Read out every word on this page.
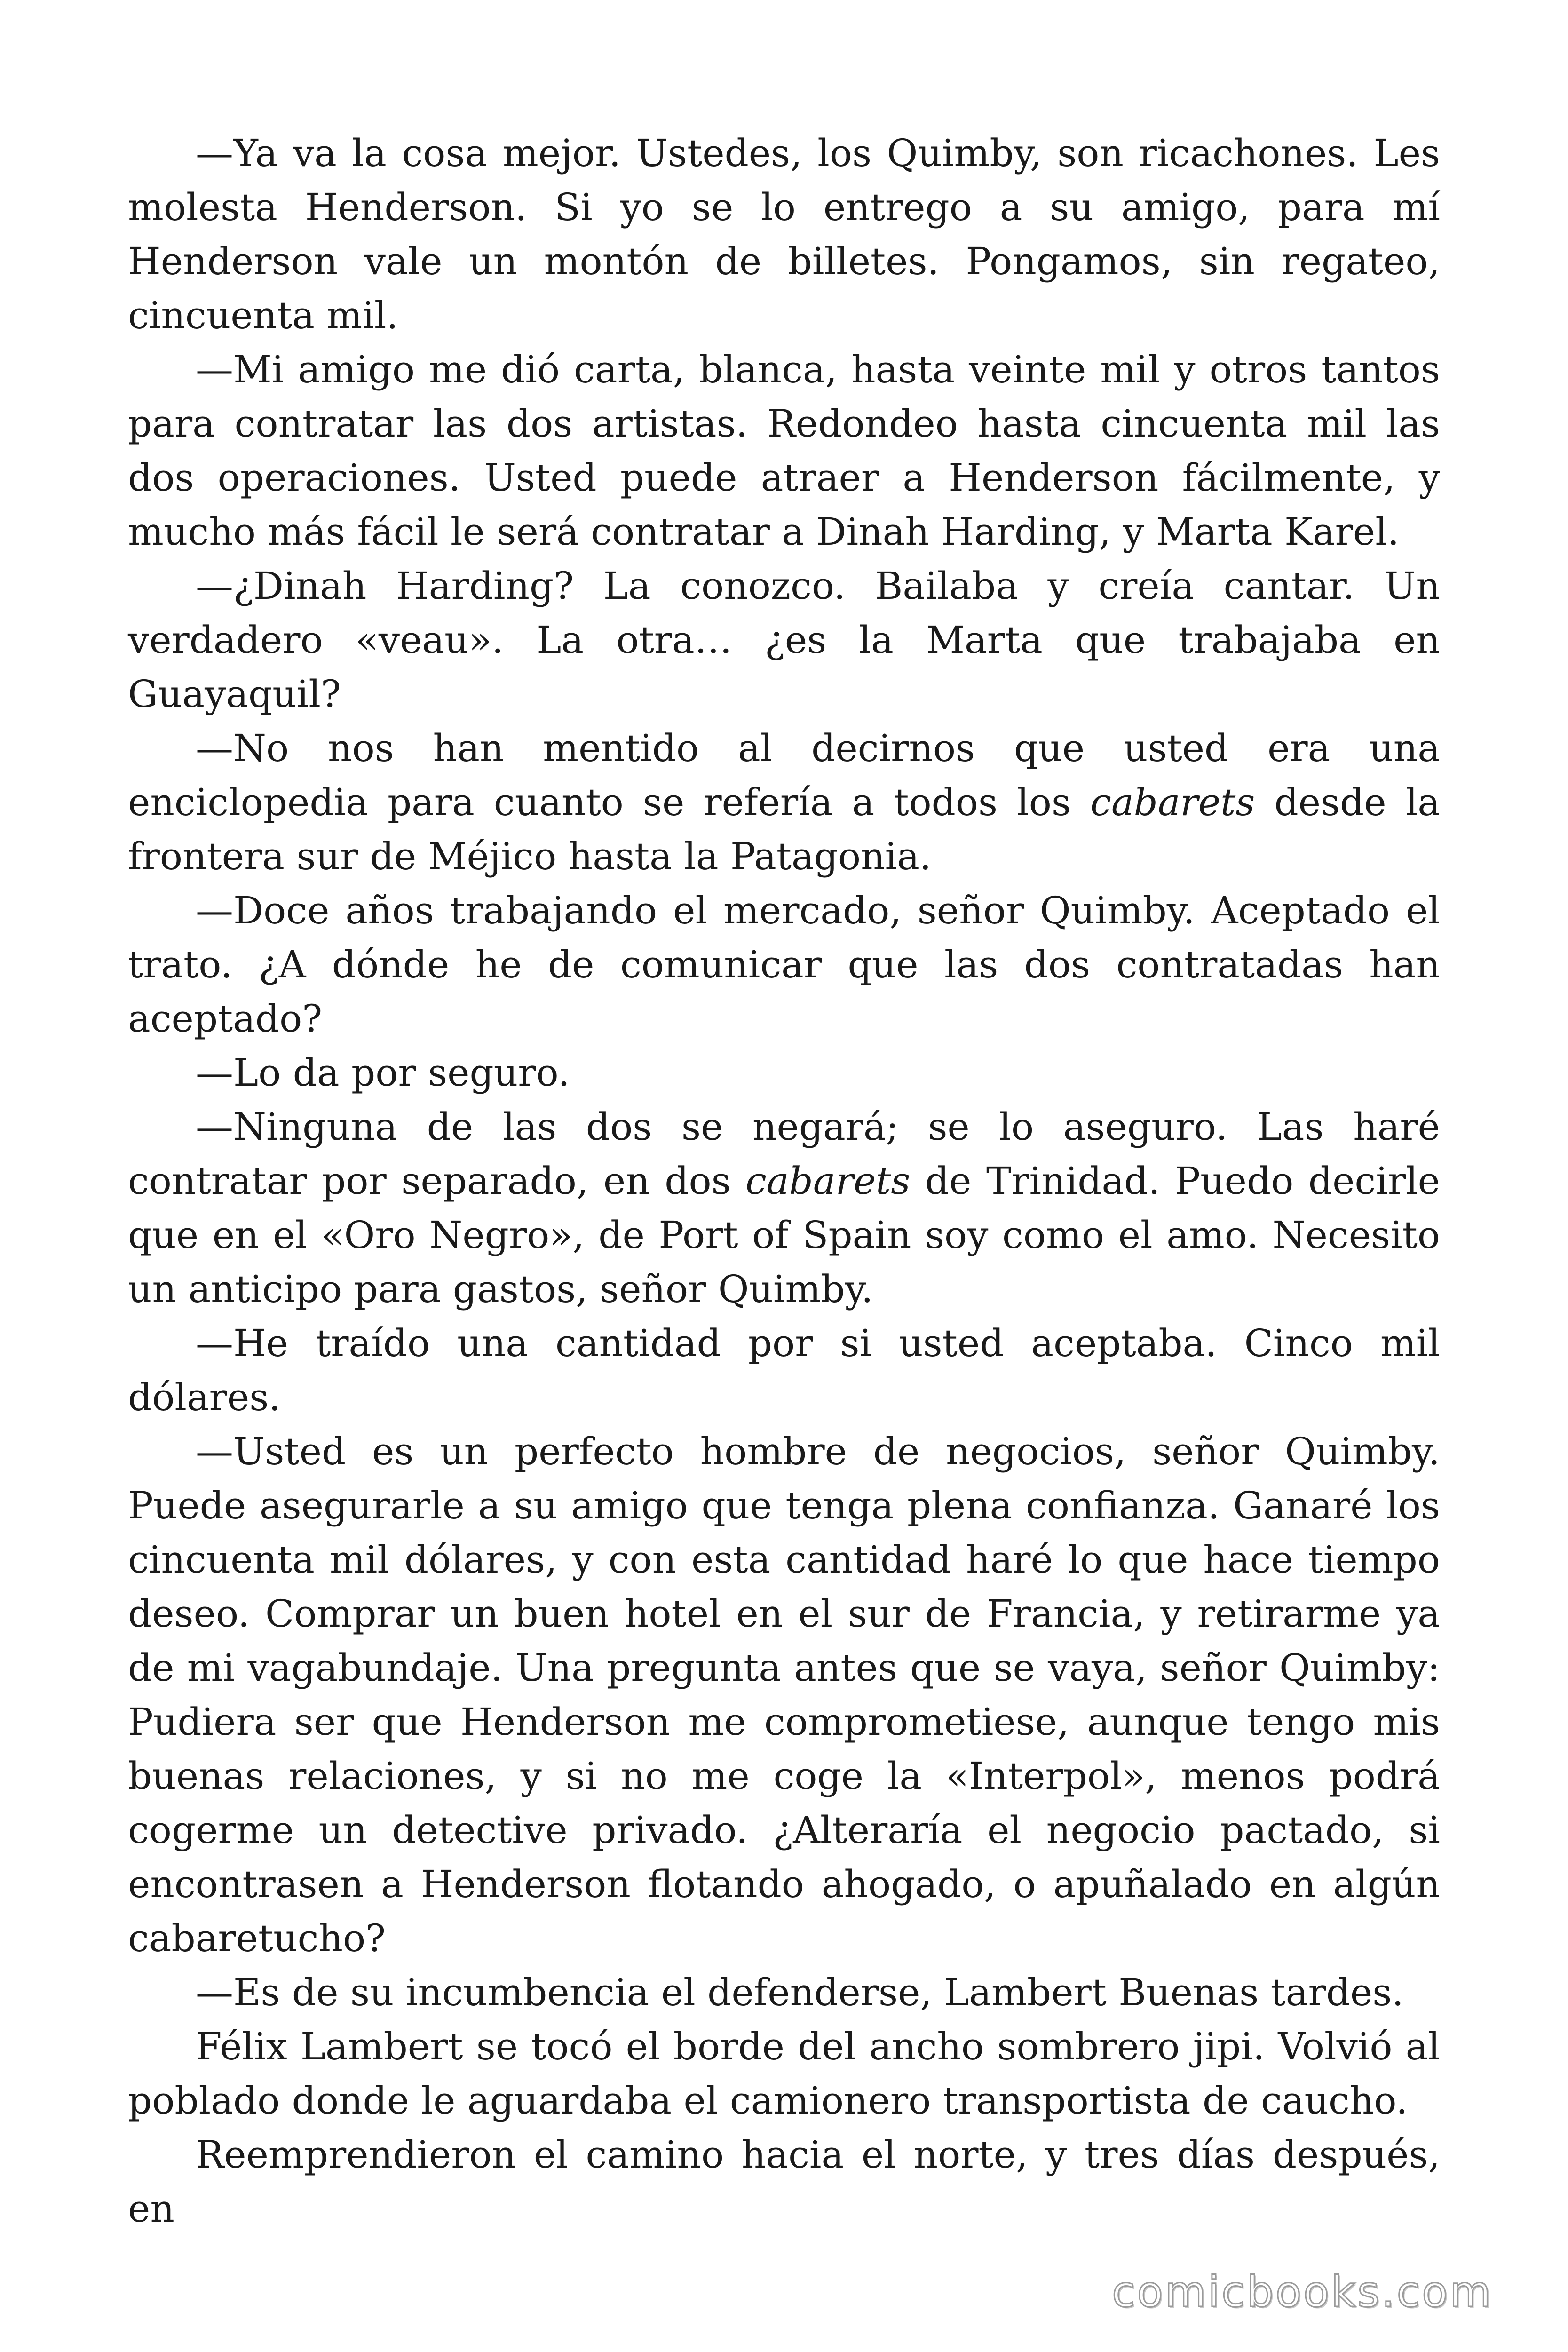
—Ya va la cosa mejor. Ustedes, los Quimby, son ricachones. Les molesta Henderson. Si yo se lo entrego a su amigo, para mí Henderson vale un montón de billetes. Pongamos, sin regateo, cincuenta mil.

—Mi amigo me dió carta, blanca, hasta veinte mil y otros tantos para contratar las dos artistas. Redondeo hasta cincuenta mil las dos operaciones. Usted puede atraer a Henderson fácilmente, y mucho más fácil le será contratar a Dinah Harding, y Marta Karel.

—¿Dinah Harding? La conozco. Bailaba y creía cantar. Un verdadero «veau». La otra… ¿es la Marta que trabajaba en Guayaquil?

—No nos han mentido al decirnos que usted era una enciclopedia para cuanto se refería a todos los cabarets desde la frontera sur de Méjico hasta la Patagonia.

—Doce años trabajando el mercado, señor Quimby. Aceptado el trato. ¿A dónde he de comunicar que las dos contratadas han aceptado?

—Lo da por seguro.

—Ninguna de las dos se negará; se lo aseguro. Las haré contratar por separado, en dos cabarets de Trinidad. Puedo decirle que en el «Oro Negro», de Port of Spain soy como el amo. Necesito un anticipo para gastos, señor Quimby.

—He traído una cantidad por si usted aceptaba. Cinco mil dólares.

—Usted es un perfecto hombre de negocios, señor Quimby. Puede asegurarle a su amigo que tenga plena confianza. Ganaré los cincuenta mil dólares, y con esta cantidad haré lo que hace tiempo deseo. Comprar un buen hotel en el sur de Francia, y retirarme ya de mi vagabundaje. Una pregunta antes que se vaya, señor Quimby: Pudiera ser que Henderson me comprometiese, aunque tengo mis buenas relaciones, y si no me coge la «Interpol», menos podrá cogerme un detective privado. ¿Alteraría el negocio pactado, si encontrasen a Henderson flotando ahogado, o apuñalado en algún cabaretucho?

—Es de su incumbencia el defenderse, Lambert Buenas tardes.

Félix Lambert se tocó el borde del ancho sombrero jipi. Volvió al poblado donde le aguardaba el camionero transportista de caucho.

Reemprendieron el camino hacia el norte, y tres días después, en

comicbooks.com
